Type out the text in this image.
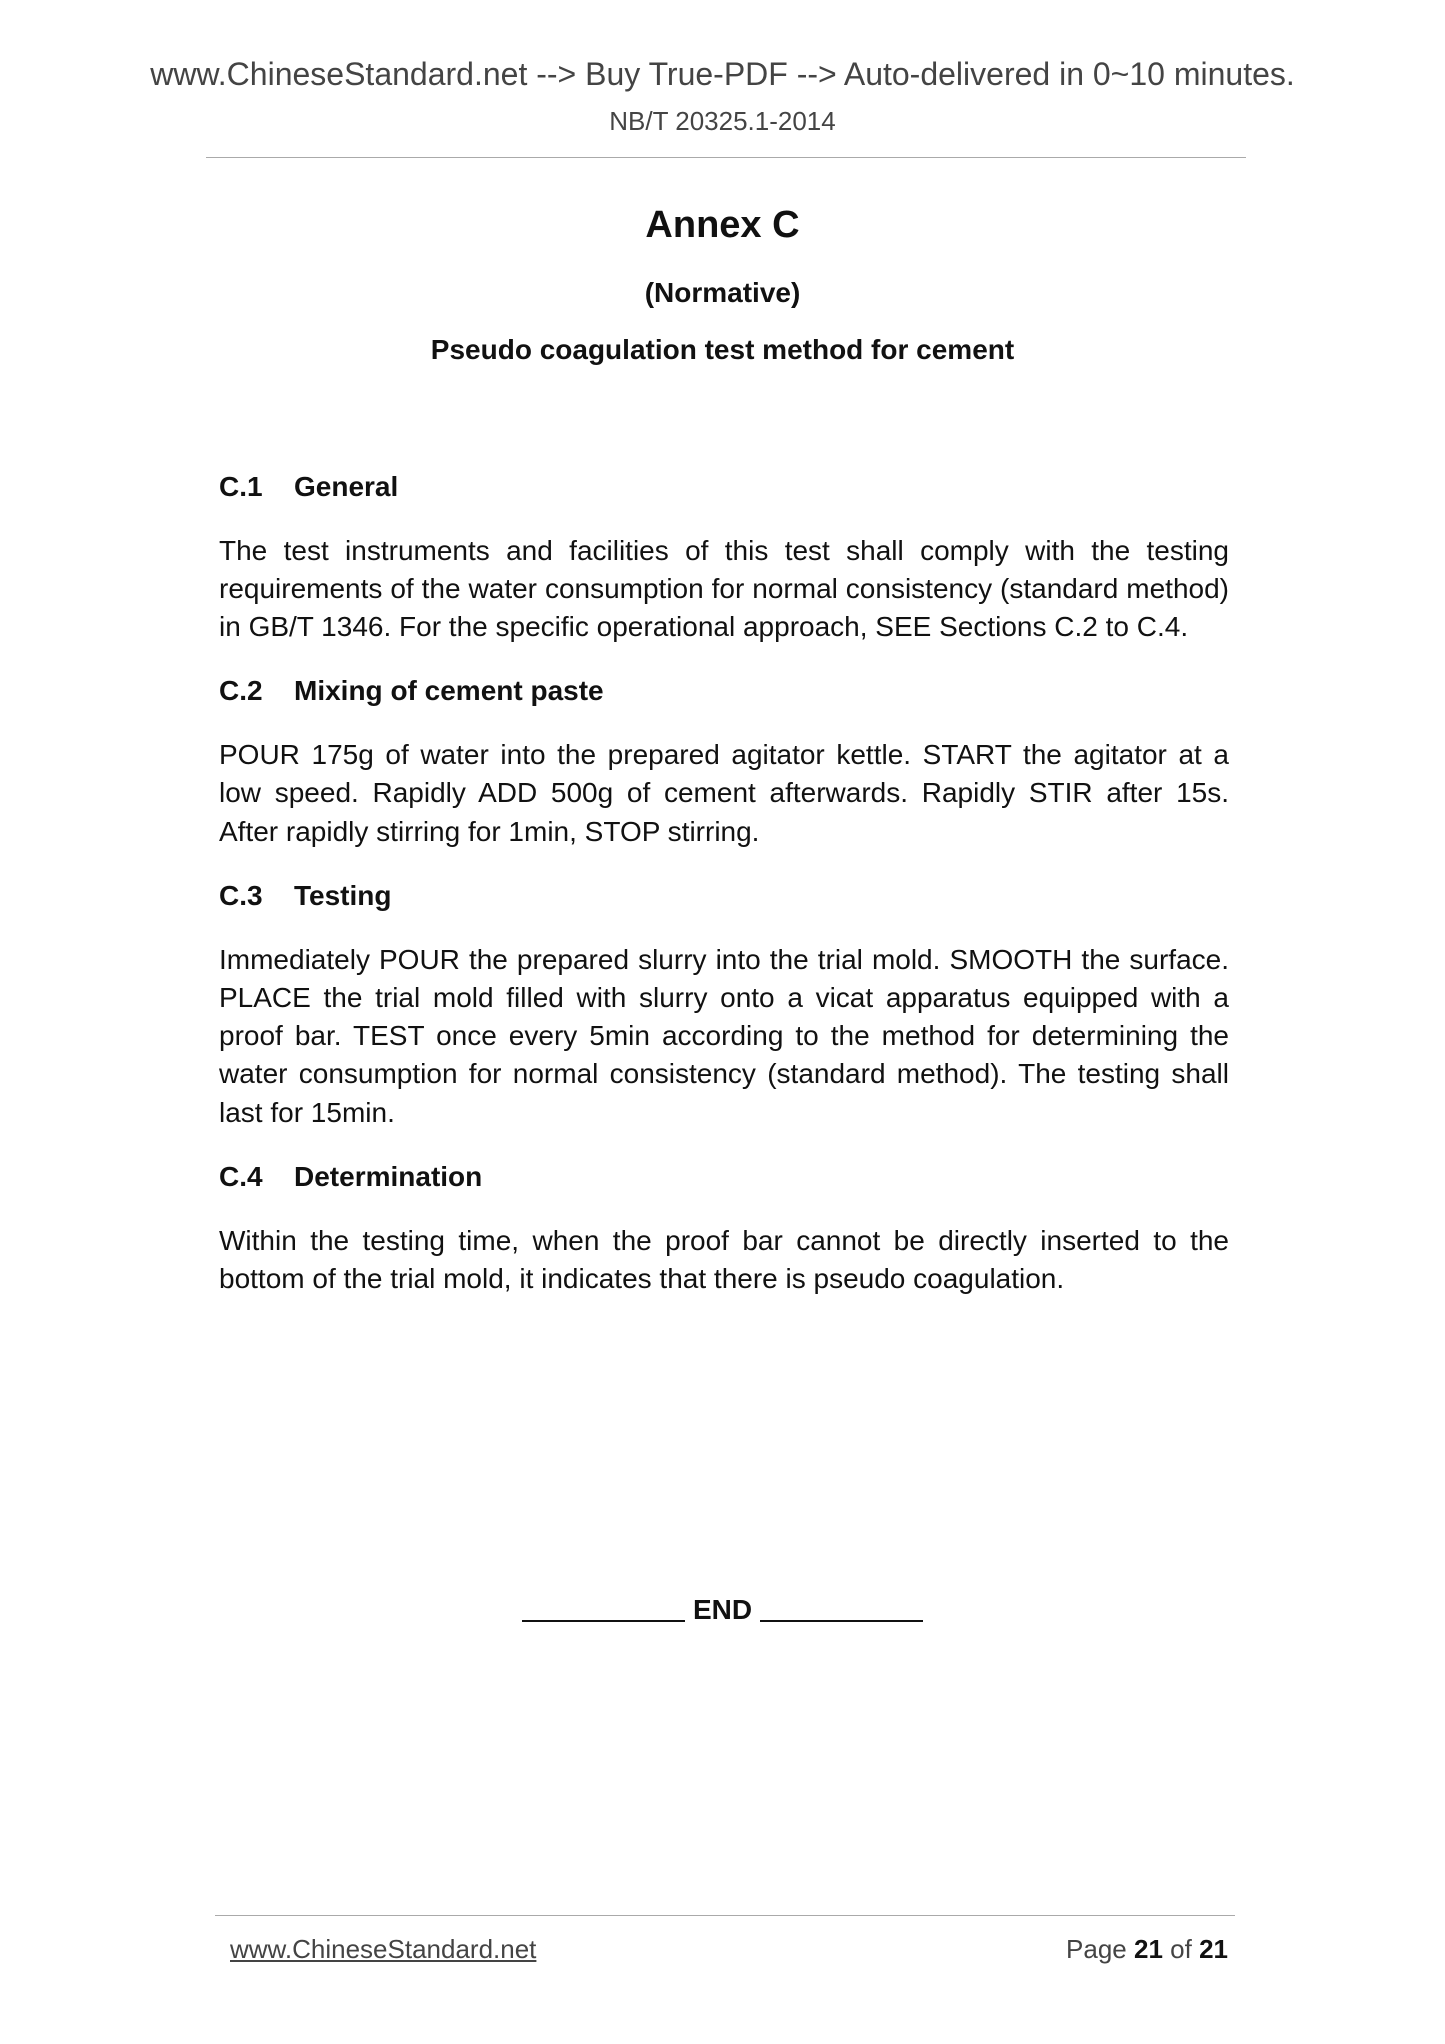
www.ChineseStandard.net --> Buy True-PDF --> Auto-delivered in 0~10 minutes.
NB/T 20325.1-2014
Annex C
(Normative)
Pseudo coagulation test method for cement
C.1 General

The test instruments and facilities of this test shall comply with the testing requirements of the water consumption for normal consistency (standard method) in GB/T 1346. For the specific operational approach, SEE Sections C.2 to C.4.

C.2 Mixing of cement paste

POUR 175g of water into the prepared agitator kettle. START the agitator at a low speed. Rapidly ADD 500g of cement afterwards. Rapidly STIR after 15s. After rapidly stirring for 1min, STOP stirring.

C.3 Testing

Immediately POUR the prepared slurry into the trial mold. SMOOTH the surface. PLACE the trial mold filled with slurry onto a vicat apparatus equipped with a proof bar. TEST once every 5min according to the method for determining the water consumption for normal consistency (standard method). The testing shall last for 15min.

C.4 Determination

Within the testing time, when the proof bar cannot be directly inserted to the bottom of the trial mold, it indicates that there is pseudo coagulation.

END
www.ChineseStandard.net	Page 21 of 21
